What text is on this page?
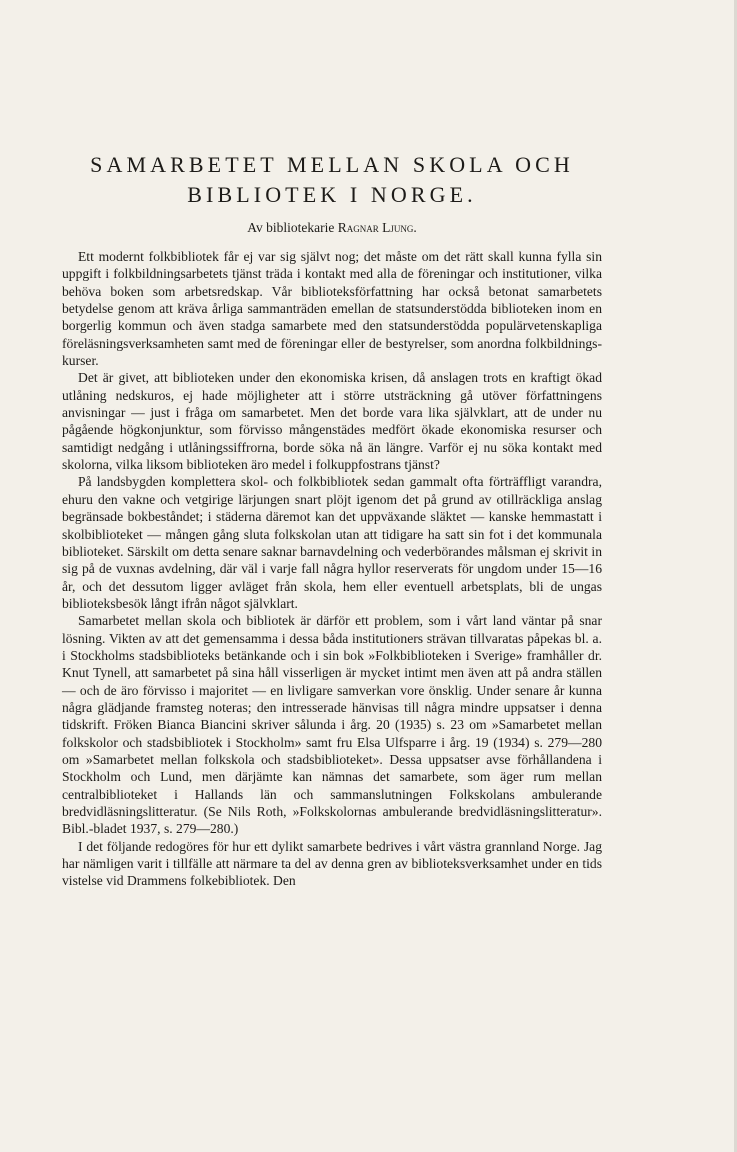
SAMARBETET MELLAN SKOLA OCH
BIBLIOTEK I NORGE.
Av bibliotekarie Ragnar Ljung.

Ett modernt folkbibliotek får ej var sig självt nog; det måste om det rätt skall kunna fylla sin uppgift i folkbildningsarbetets tjänst träda i kontakt med alla de föreningar och institutioner, vilka behöva boken som arbetsredskap. Vår biblioteksförfattning har också betonat samarbetets betydelse genom att kräva årliga sammanträden emellan de statsunderstödda biblioteken inom en borgerlig kommun och även stadga samarbete med den statsunderstödda populärvetenskapliga föreläsningsverksamheten samt med de föreningar eller de bestyrelser, som anordna folkbildningskurser.

Det är givet, att biblioteken under den ekonomiska krisen, då anslagen trots en kraftigt ökad utlåning nedskuros, ej hade möjligheter att i större utsträckning gå utöver författningens anvisningar — just i fråga om samarbetet. Men det borde vara lika självklart, att de under nu pågående högkonjunktur, som förvisso mångenstädes medfört ökade ekonomiska resurser och samtidigt nedgång i utlåningssiffrorna, borde söka nå än längre. Varför ej nu söka kontakt med skolorna, vilka liksom biblioteken äro medel i folkuppfostrans tjänst?

På landsbygden komplettera skol- och folkbibliotek sedan gammalt ofta förträffligt varandra, ehuru den vakne och vetgirige lärjungen snart plöjt igenom det på grund av otillräckliga anslag begränsade bokbeståndet; i städerna däremot kan det uppväxande släktet — kanske hemmastatt i skolbiblioteket — mången gång sluta folkskolan utan att tidigare ha satt sin fot i det kommunala biblioteket. Särskilt om detta senare saknar barnavdelning och vederbörandes målsman ej skrivit in sig på de vuxnas avdelning, där väl i varje fall några hyllor reserverats för ungdom under 15—16 år, och det dessutom ligger avläget från skola, hem eller eventuell arbetsplats, bli de ungas biblioteksbesök långt ifrån något självklart.

Samarbetet mellan skola och bibliotek är därför ett problem, som i vårt land väntar på snar lösning. Vikten av att det gemensamma i dessa båda institutioners strävan tillvaratas påpekas bl. a. i Stockholms stadsbiblioteks betänkande och i sin bok »Folkbiblioteken i Sverige» framhåller dr. Knut Tynell, att samarbetet på sina håll visserligen är mycket intimt men även att på andra ställen — och de äro förvisso i majoritet — en livligare samverkan vore önsklig. Under senare år kunna några glädjande framsteg noteras; den intresserade hänvisas till några mindre uppsatser i denna tidskrift. Fröken Bianca Biancini skriver sålunda i årg. 20 (1935) s. 23 om »Samarbetet mellan folkskolor och stadsbibliotek i Stockholm» samt fru Elsa Ulfsparre i årg. 19 (1934) s. 279—280 om »Samarbetet mellan folkskola och stadsbiblioteket». Dessa uppsatser avse förhållandena i Stockholm och Lund, men därjämte kan nämnas det samarbete, som äger rum mellan centralbiblioteket i Hallands län och sammanslutningen Folkskolans ambulerande bredvidläsningslitteratur. (Se Nils Roth, »Folkskolornas ambulerande bredvidläsningslitteratur». Bibl.-bladet 1937, s. 279—280.)

I det följande redogöres för hur ett dylikt samarbete bedrives i vårt västra grannland Norge. Jag har nämligen varit i tillfälle att närmare ta del av denna gren av biblioteksverksamhet under en tids vistelse vid Drammens folkebibliotek. Den
